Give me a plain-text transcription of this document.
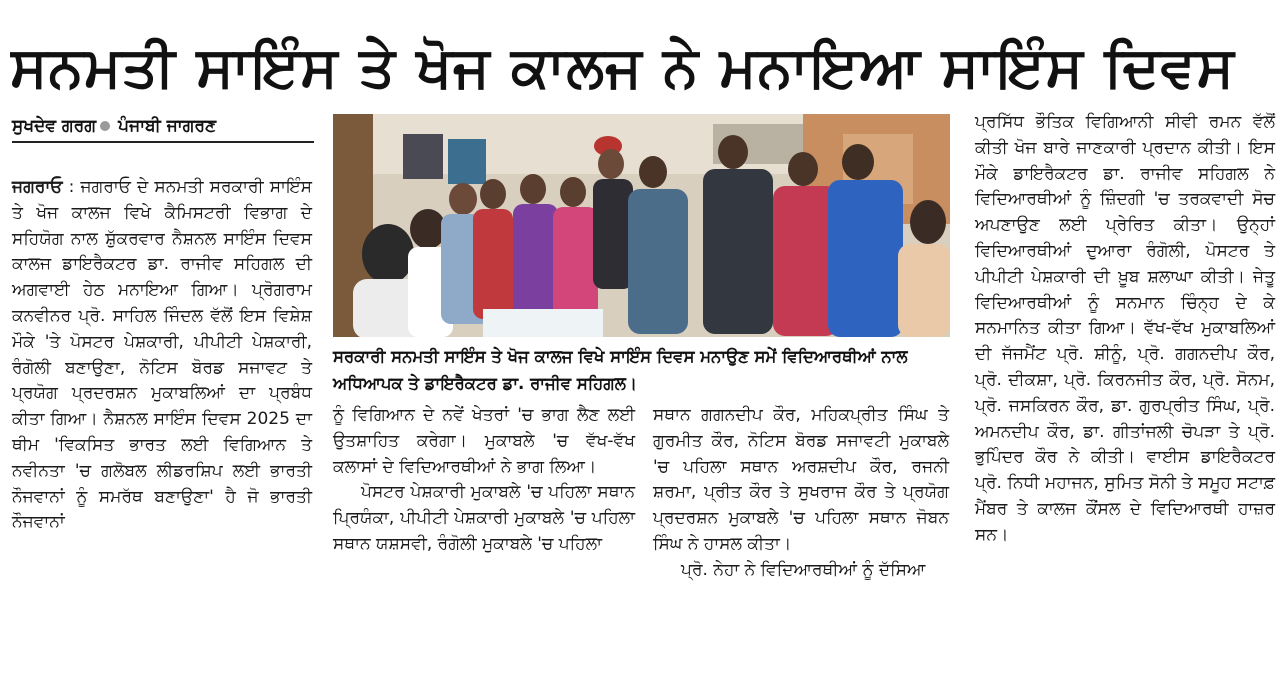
ਸਨਮਤੀ ਸਾਇੰਸ ਤੇ ਖੋਜ ਕਾਲਜ ਨੇ ਮਨਾਇਆ ਸਾਇੰਸ ਦਿਵਸ
ਸੁਖਦੇਵ ਗਰਗ ਪੰਜਾਬੀ ਜਾਗਰਣ

ਜਗਰਾਓ : ਜਗਰਾਓ ਦੇ ਸਨਮਤੀ ਸਰਕਾਰੀ ਸਾਇੰਸ ਤੇ ਖੋਜ ਕਾਲਜ ਵਿਖੇ ਕੈਮਿਸਟਰੀ ਵਿਭਾਗ ਦੇ ਸਹਿਯੋਗ ਨਾਲ ਸ਼ੁੱਕਰਵਾਰ ਨੈਸ਼ਨਲ ਸਾਇੰਸ ਦਿਵਸ ਕਾਲਜ ਡਾਇਰੈਕਟਰ ਡਾ. ਰਾਜੀਵ ਸਹਿਗਲ ਦੀ ਅਗਵਾਈ ਹੇਠ ਮਨਾਇਆ ਗਿਆ। ਪ੍ਰੋਗਰਾਮ ਕਨਵੀਨਰ ਪ੍ਰੋ. ਸਾਹਿਲ ਜਿੰਦਲ ਵੱਲੋਂ ਇਸ ਵਿਸ਼ੇਸ਼ ਮੌਕੇ 'ਤੇ ਪੋਸਟਰ ਪੇਸ਼ਕਾਰੀ, ਪੀਪੀਟੀ ਪੇਸ਼ਕਾਰੀ, ਰੰਗੋਲੀ ਬਣਾਉਣਾ, ਨੋਟਿਸ ਬੋਰਡ ਸਜਾਵਟ ਤੇ ਪ੍ਰਯੋਗ ਪ੍ਰਦਰਸ਼ਨ ਮੁਕਾਬਲਿਆਂ ਦਾ ਪ੍ਰਬੰਧ ਕੀਤਾ ਗਿਆ। ਨੈਸ਼ਨਲ ਸਾਇੰਸ ਦਿਵਸ 2025 ਦਾ ਥੀਮ 'ਵਿਕਸਿਤ ਭਾਰਤ ਲਈ ਵਿਗਿਆਨ ਤੇ ਨਵੀਨਤਾ 'ਚ ਗਲੋਬਲ ਲੀਡਰਸ਼ਿਪ ਲਈ ਭਾਰਤੀ ਨੌਜਵਾਨਾਂ ਨੂੰ ਸਮਰੱਥ ਬਣਾਉਣਾ' ਹੈ ਜੋ ਭਾਰਤੀ ਨੌਜਵਾਨਾਂ

ਸਰਕਾਰੀ ਸਨਮਤੀ ਸਾਇੰਸ ਤੇ ਖੋਜ ਕਾਲਜ ਵਿਖੇ ਸਾਇੰਸ ਦਿਵਸ ਮਨਾਉਣ ਸਮੇਂ ਵਿਦਿਆਰਥੀਆਂ ਨਾਲ ਅਧਿਆਪਕ ਤੇ ਡਾਇਰੈਕਟਰ ਡਾ. ਰਾਜੀਵ ਸਹਿਗਲ।

ਨੂੰ ਵਿਗਿਆਨ ਦੇ ਨਵੇਂ ਖੇਤਰਾਂ 'ਚ ਭਾਗ ਲੈਣ ਲਈ ਉਤਸ਼ਾਹਿਤ ਕਰੇਗਾ। ਮੁਕਾਬਲੇ 'ਚ ਵੱਖ-ਵੱਖ ਕਲਾਸਾਂ ਦੇ ਵਿਦਿਆਰਥੀਆਂ ਨੇ ਭਾਗ ਲਿਆ।

ਪੋਸਟਰ ਪੇਸ਼ਕਾਰੀ ਮੁਕਾਬਲੇ 'ਚ ਪਹਿਲਾ ਸਥਾਨ ਪ੍ਰਿਯੰਕਾ, ਪੀਪੀਟੀ ਪੇਸ਼ਕਾਰੀ ਮੁਕਾਬਲੇ 'ਚ ਪਹਿਲਾ ਸਥਾਨ ਯਸ਼ਸਵੀ, ਰੰਗੋਲੀ ਮੁਕਾਬਲੇ 'ਚ ਪਹਿਲਾ

ਸਥਾਨ ਗਗਨਦੀਪ ਕੌਰ, ਮਹਿਕਪ੍ਰੀਤ ਸਿੰਘ ਤੇ ਗੁਰਮੀਤ ਕੌਰ, ਨੋਟਿਸ ਬੋਰਡ ਸਜਾਵਟੀ ਮੁਕਾਬਲੇ 'ਚ ਪਹਿਲਾ ਸਥਾਨ ਅਰਸ਼ਦੀਪ ਕੌਰ, ਰਜਨੀ ਸ਼ਰਮਾ, ਪ੍ਰੀਤ ਕੌਰ ਤੇ ਸੁਖਰਾਜ ਕੌਰ ਤੇ ਪ੍ਰਯੋਗ ਪ੍ਰਦਰਸ਼ਨ ਮੁਕਾਬਲੇ 'ਚ ਪਹਿਲਾ ਸਥਾਨ ਜੋਬਨ ਸਿੰਘ ਨੇ ਹਾਸਲ ਕੀਤਾ।

ਪ੍ਰੋ. ਨੇਹਾ ਨੇ ਵਿਦਿਆਰਥੀਆਂ ਨੂੰ ਦੱਸਿਆ

ਪ੍ਰਸਿੱਧ ਭੌਤਿਕ ਵਿਗਿਆਨੀ ਸੀਵੀ ਰਮਨ ਵੱਲੋਂ ਕੀਤੀ ਖੋਜ ਬਾਰੇ ਜਾਣਕਾਰੀ ਪ੍ਰਦਾਨ ਕੀਤੀ। ਇਸ ਮੌਕੇ ਡਾਇਰੈਕਟਰ ਡਾ. ਰਾਜੀਵ ਸਹਿਗਲ ਨੇ ਵਿਦਿਆਰਥੀਆਂ ਨੂੰ ਜ਼ਿੰਦਗੀ 'ਚ ਤਰਕਵਾਦੀ ਸੋਚ ਅਪਣਾਉਣ ਲਈ ਪ੍ਰੇਰਿਤ ਕੀਤਾ। ਉਨ੍ਹਾਂ ਵਿਦਿਆਰਥੀਆਂ ਦੁਆਰਾ ਰੰਗੋਲੀ, ਪੋਸਟਰ ਤੇ ਪੀਪੀਟੀ ਪੇਸ਼ਕਾਰੀ ਦੀ ਖ਼ੂਬ ਸ਼ਲਾਘਾ ਕੀਤੀ। ਜੇਤੂ ਵਿਦਿਆਰਥੀਆਂ ਨੂੰ ਸਨਮਾਨ ਚਿੰਨ੍ਹ ਦੇ ਕੇ ਸਨਮਾਨਿਤ ਕੀਤਾ ਗਿਆ। ਵੱਖ-ਵੱਖ ਮੁਕਾਬਲਿਆਂ ਦੀ ਜੱਜਮੈਂਟ ਪ੍ਰੋ. ਸ਼ੀਨੂੰ, ਪ੍ਰੋ. ਗਗਨਦੀਪ ਕੌਰ, ਪ੍ਰੋ. ਦੀਕਸ਼ਾ, ਪ੍ਰੋ. ਕਿਰਨਜੀਤ ਕੌਰ, ਪ੍ਰੋ. ਸੋਨਮ, ਪ੍ਰੋ. ਜਸਕਿਰਨ ਕੌਰ, ਡਾ. ਗੁਰਪ੍ਰੀਤ ਸਿੰਘ, ਪ੍ਰੋ. ਅਮਨਦੀਪ ਕੌਰ, ਡਾ. ਗੀਤਾਂਜਲੀ ਚੋਪੜਾ ਤੇ ਪ੍ਰੋ. ਭੁਪਿੰਦਰ ਕੌਰ ਨੇ ਕੀਤੀ। ਵਾਈਸ ਡਾਇਰੈਕਟਰ ਪ੍ਰੋ. ਨਿਧੀ ਮਹਾਜਨ, ਸੁਮਿਤ ਸੋਨੀ ਤੇ ਸਮੂਹ ਸਟਾਫ਼ ਮੈਂਬਰ ਤੇ ਕਾਲਜ ਕੌਂਸਲ ਦੇ ਵਿਦਿਆਰਥੀ ਹਾਜ਼ਰ ਸਨ।
